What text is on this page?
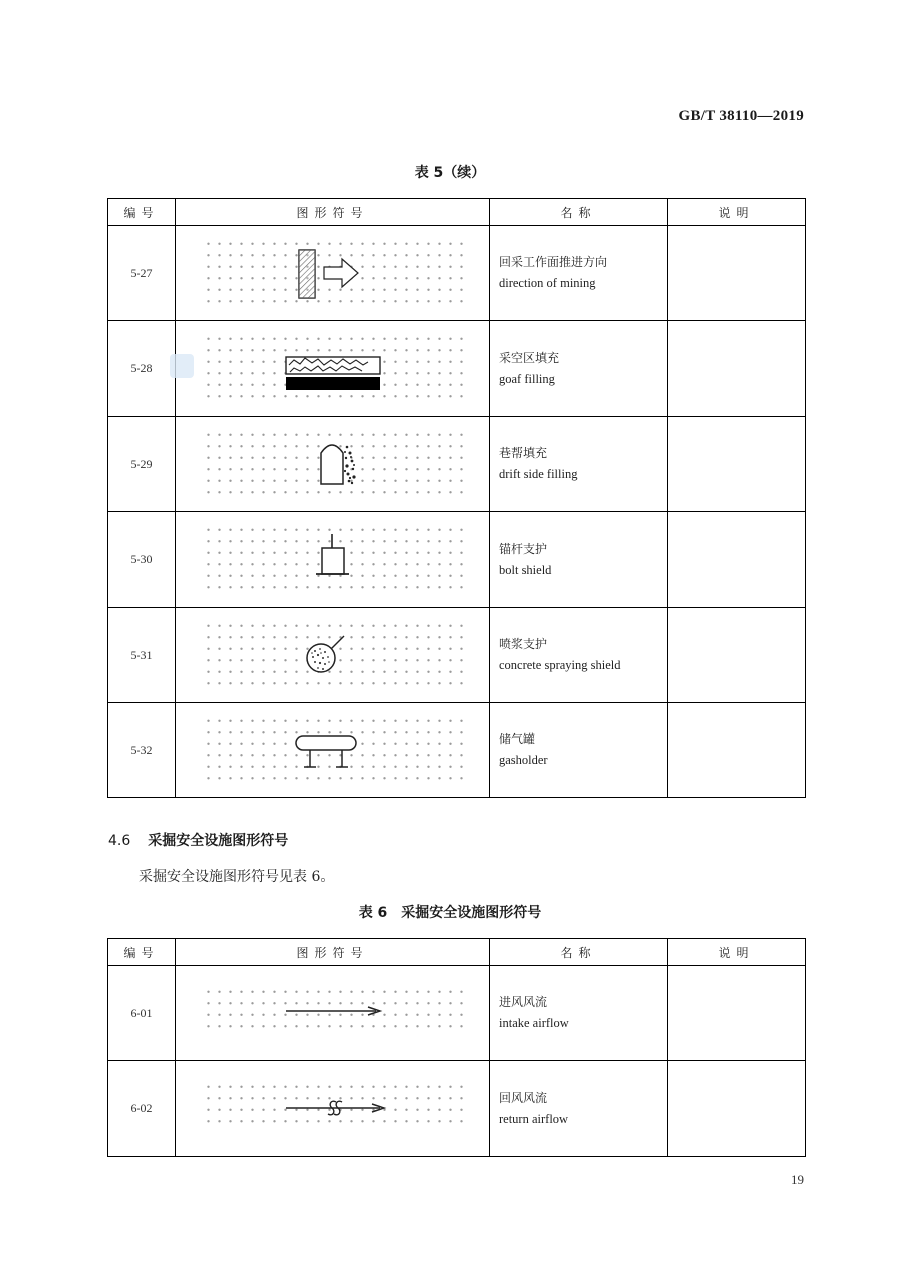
GB/T 38110—2019
表 5（续）
编号	图形符号	名称	说明
5-27		回采工作面推进方向
direction of mining	

5-28		采空区填充
goaf filling	

5-29		巷帮填充
drift side filling	

5-30		锚杆支护
bolt shield	

5-31		喷浆支护
concrete spraying shield	

5-32		储气罐
gasholder	

4.6 采掘安全设施图形符号
采掘安全设施图形符号见表 6。
表 6　采掘安全设施图形符号
编号	图形符号	名称	说明
6-01		进风风流
intake airflow	

6-02		回风风流
return airflow	

19
